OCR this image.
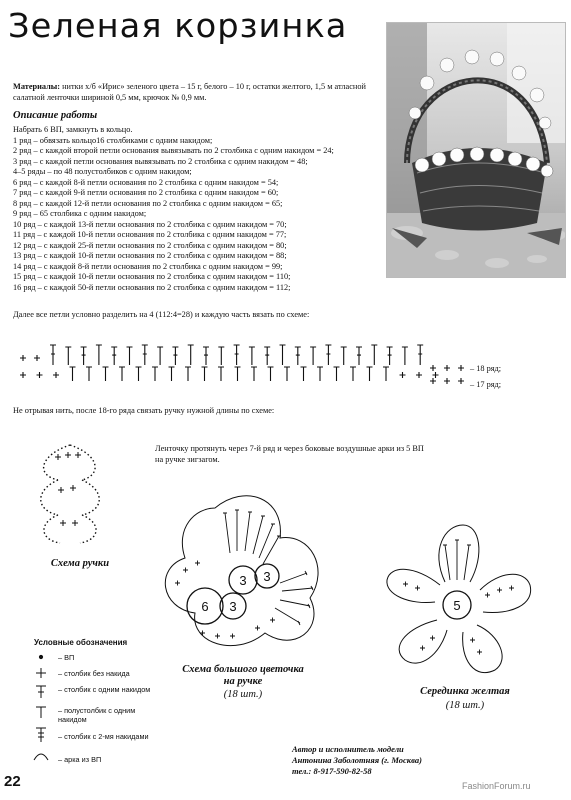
Зеленая корзинка
Материалы: нитки х/б «Ирис» зеленого цвета – 15 г, белого – 10 г, остатки желтого, 1,5 м атласной салатной ленточки шириной 0,5 мм, крючок № 0,9 мм.
Описание работы
Набрать 6 ВП, замкнуть в кольцо.
1 ряд – обвязать кольцо16 столбиками с одним накидом;
2 ряд – с каждой второй петли основания вывязывать по 2 столбика с одним накидом = 24;
3 ряд – с каждой петли основания вывязывать по 2 столбика с одним накидом = 48;
4–5 ряды – по 48 полустолбиков с одним накидом;
6 ряд – с каждой 8-й петли основания по 2 столбика с одним накидом = 54;
7 ряд – с каждой 9-й петли основания по 2 столбика с одним накидом = 60;
8 ряд – с каждой 12-й петли основания по 2 столбика с одним накидом = 65;
9 ряд – 65 столбика с одним накидом;
10 ряд – с каждой 13-й петли основания по 2 столбика с одним накидом = 70;
11 ряд – с каждой 10-й петли основания по 2 столбика с одним накидом = 77;
12 ряд – с каждой 25-й петли основания по 2 столбика с одним накидом = 80;
13 ряд – с каждой 10-й петли основания по 2 столбика с одним накидом = 88;
14 ряд – с каждой 8-й петли основания по 2 столбика с одним накидом = 99;
15 ряд – с каждой 10-й петли основания по 2 столбика с одним накидом = 110;
16 ряд – с каждой 50-й петли основания по 2 столбика с одним накидом = 112;
Далее все петли условно разделить на 4 (112:4=28) и каждую часть вязать по схеме:
– 18 ряд;
– 17 ряд;
Не отрывая нить, после 18-го ряда связать ручку нужной длины по схеме:
Ленточку протянуть через 7-й ряд и через боковые воздушные арки из 5 ВП на ручке зигзагом.
Схема ручки
6
3
3
3
Схема большого цветочка на ручке
(18 шт.)
5
Серединка желтая
(18 шт.)
Условные обозначения
– ВП
– столбик без накида
– столбик с одним накидом
– полустолбик с одним накидом
– столбик с 2-мя накидами
– арка из ВП
Автор и исполнитель модели
Антонина Заболотняя (г. Москва)
тел.: 8-917-590-82-58
22	FashionForum.ru
